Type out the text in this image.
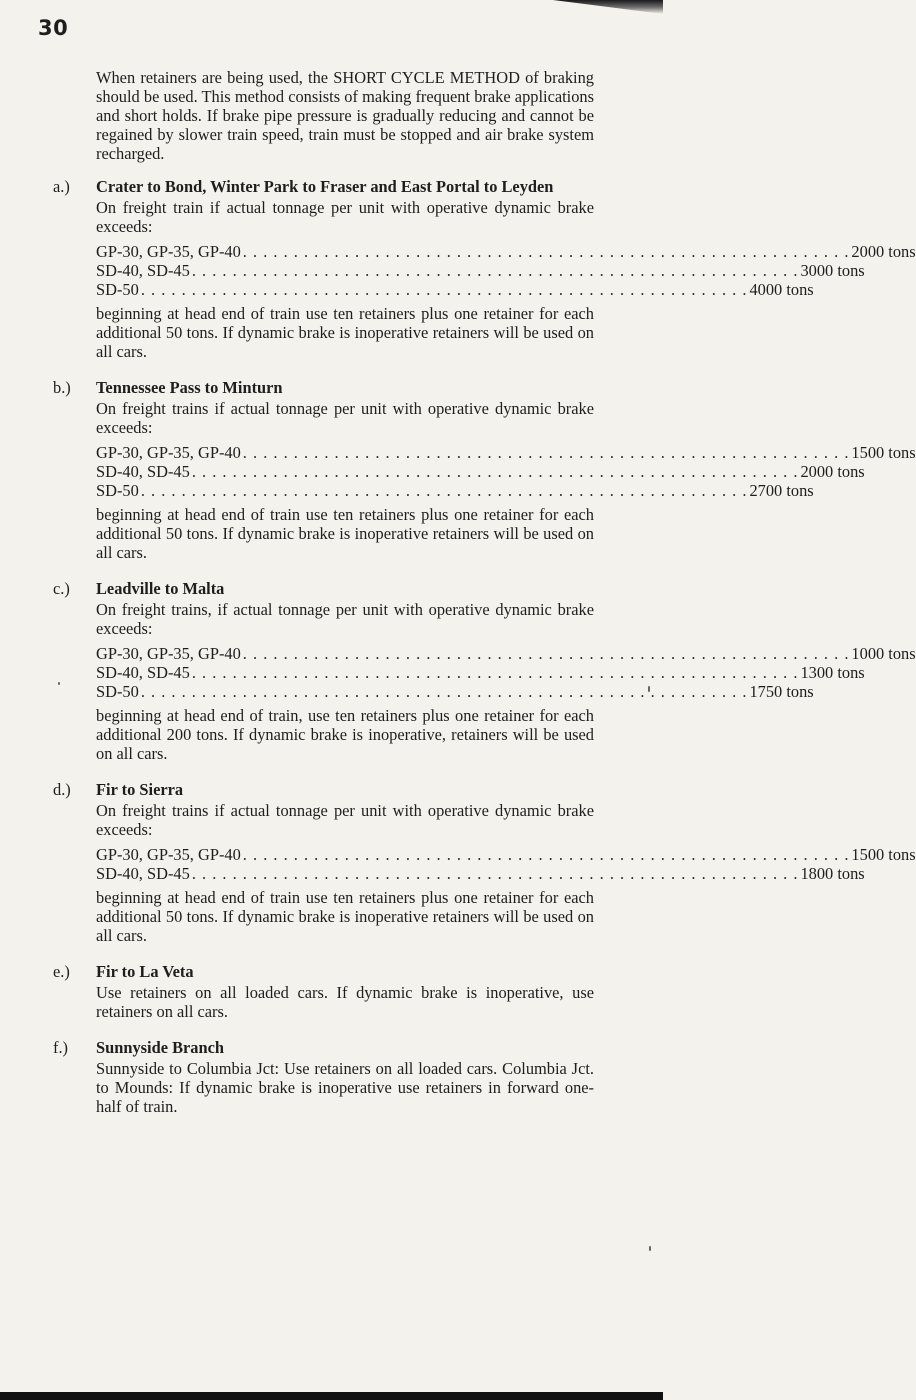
30

When retainers are being used, the SHORT CYCLE METHOD of braking should be used. This method consists of making frequent brake applications and short holds. If brake pipe pressure is gradually reducing and cannot be regained by slower train speed, train must be stopped and air brake system recharged.

a.)	Crater to Bond, Winter Park to Fraser and East Portal to Leyden

On freight train if actual tonnage per unit with operative dynamic brake exceeds:

GP-30, GP-35, GP-40 . . . . . . . . . . . . . . . . . . . . . . . . . . . . . . . . . . . . . . . . . . . . . . . . . . . . . . . . . . . . 2000 tons
SD-40, SD-45 . . . . . . . . . . . . . . . . . . . . . . . . . . . . . . . . . . . . . . . . . . . . . . . . . . . . . . . . . . . . 3000 tons
SD-50 . . . . . . . . . . . . . . . . . . . . . . . . . . . . . . . . . . . . . . . . . . . . . . . . . . . . . . . . . . . . 4000 tons

beginning at head end of train use ten retainers plus one retainer for each additional 50 tons. If dynamic brake is inoperative retainers will be used on all cars.

b.)	Tennessee Pass to Minturn

On freight trains if actual tonnage per unit with operative dynamic brake exceeds:

GP-30, GP-35, GP-40 . . . . . . . . . . . . . . . . . . . . . . . . . . . . . . . . . . . . . . . . . . . . . . . . . . . . . . . . . . . . 1500 tons
SD-40, SD-45 . . . . . . . . . . . . . . . . . . . . . . . . . . . . . . . . . . . . . . . . . . . . . . . . . . . . . . . . . . . . 2000 tons
SD-50 . . . . . . . . . . . . . . . . . . . . . . . . . . . . . . . . . . . . . . . . . . . . . . . . . . . . . . . . . . . . 2700 tons

beginning at head end of train use ten retainers plus one retainer for each additional 50 tons. If dynamic brake is inoperative retainers will be used on all cars.

c.)	Leadville to Malta

On freight trains, if actual tonnage per unit with operative dynamic brake exceeds:

GP-30, GP-35, GP-40 . . . . . . . . . . . . . . . . . . . . . . . . . . . . . . . . . . . . . . . . . . . . . . . . . . . . . . . . . . . . 1000 tons
SD-40, SD-45 . . . . . . . . . . . . . . . . . . . . . . . . . . . . . . . . . . . . . . . . . . . . . . . . . . . . . . . . . . . . 1300 tons
SD-50 . . . . . . . . . . . . . . . . . . . . . . . . . . . . . . . . . . . . . . . . . . . . . . . . . . . . . . . . . . . . 1750 tons

beginning at head end of train, use ten retainers plus one retainer for each additional 200 tons. If dynamic brake is inoperative, retainers will be used on all cars.

d.)	Fir to Sierra

On freight trains if actual tonnage per unit with operative dynamic brake exceeds:

GP-30, GP-35, GP-40 . . . . . . . . . . . . . . . . . . . . . . . . . . . . . . . . . . . . . . . . . . . . . . . . . . . . . . . . . . . . 1500 tons
SD-40, SD-45 . . . . . . . . . . . . . . . . . . . . . . . . . . . . . . . . . . . . . . . . . . . . . . . . . . . . . . . . . . . . 1800 tons

beginning at head end of train use ten retainers plus one retainer for each additional 50 tons. If dynamic brake is inoperative retainers will be used on all cars.

e.)	Fir to La Veta

Use retainers on all loaded cars. If dynamic brake is inoperative, use retainers on all cars.

f.)	Sunnyside Branch

Sunnyside to Columbia Jct: Use retainers on all loaded cars. Columbia Jct. to Mounds: If dynamic brake is inoperative use retainers in forward one-half of train.
